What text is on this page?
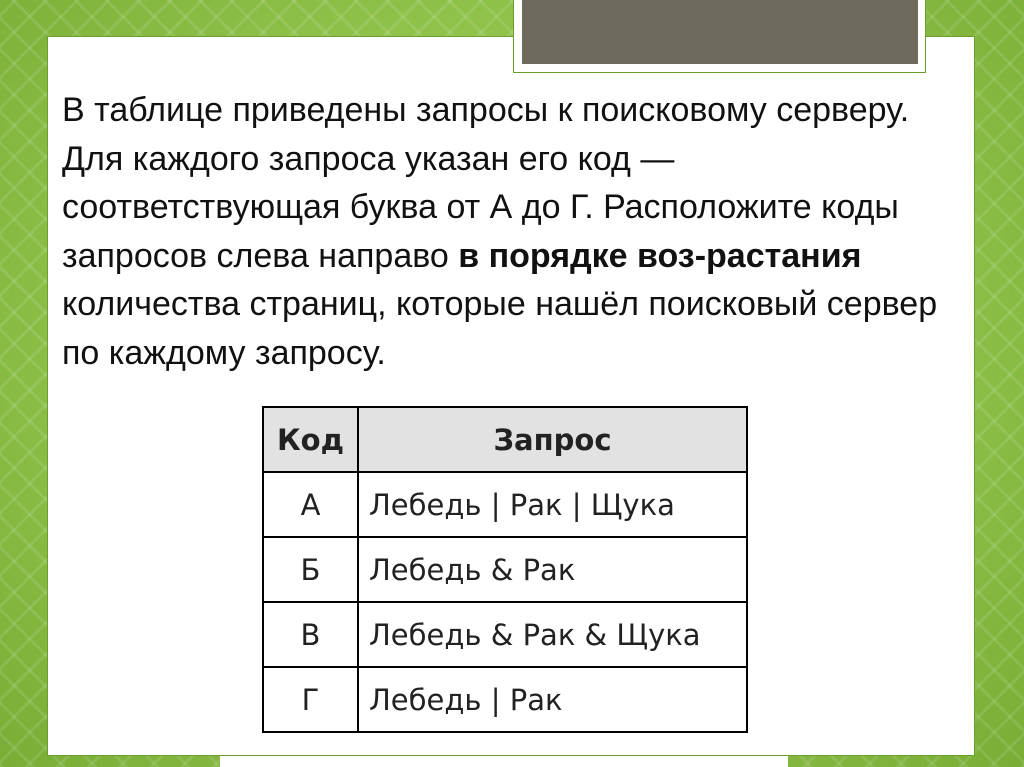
В таблице приведены запросы к поисковому серверу. Для каждого запроса указан его код — соответствующая буква от А до Г. Расположите коды запросов слева направо в порядке воз-растания количества страниц, которые нашёл поисковый сервер по каждому запросу.

Код	Запрос
А	Лебедь | Рак | Щука
Б	Лебедь & Рак
В	Лебедь & Рак & Щука
Г	Лебедь | Рак
